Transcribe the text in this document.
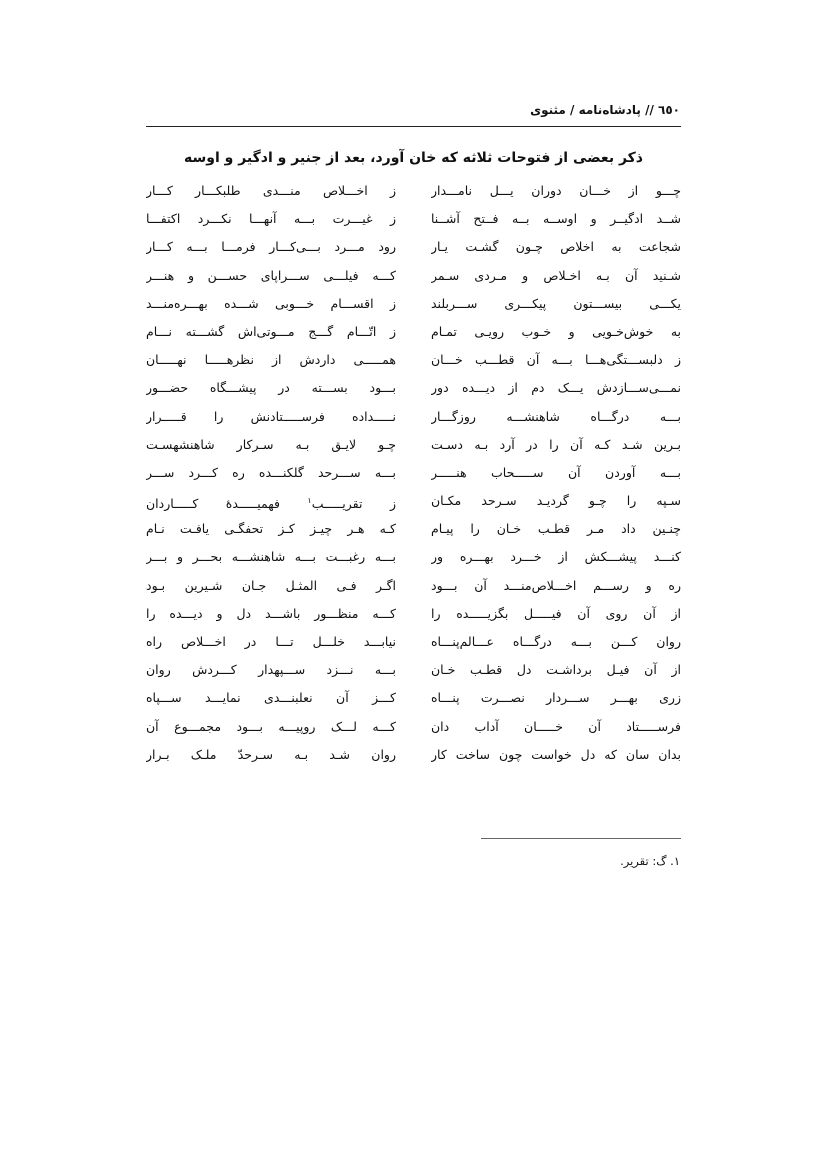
٦٥٠ // پادشاه‌نامه / مثنوی
ذکر بعضی از فتوحات ثلاثه که خان آورد، بعد از جنیر و ادگیر و اوسه
چـــو از خـــان دوران یـــل نامـــدار
ز اخـــلاص منـــدی طلبکـــار کـــار
شــد ادگیــر و اوســه بــه فــتح آشــنا
ز غیـــرت بـــه آنهـــا نکـــرد اکتفـــا
شجاعت به اخلاص چـون گشـت یـار
رود مـــرد بـــی‌کـــار فرمـــا بـــه کـــار
شـنید آن بـه اخـلاص و مـردی سـمر
کـــه فیلـــی ســـراپای حســـن و هنـــر
یکـــی بیســـتون پیکـــری ســـربلند
ز اقســـام خـــوبی شـــده بهـــره‌منـــد
به خوش‌خـویی و خـوب رویـی تمـام
ز اتّـــام گـــج مـــوتی‌اش گشـــته نـــام
ز دلبســـتگی‌هـــا بـــه آن قطـــب خـــان
همـــــی داردش از نظرهـــــا نهـــــان
نمـــی‌ســـازدش یـــک دم از دیـــده دور
بـــود بســـته در پیشـــگاه حضـــور
بـــه درگـــاه شاهنشـــه روزگـــار
نـــــداده فرســـــتادنش را قـــــرار
بـرین شـد کـه آن را در آرد بـه دسـت
چـو لایـق بـه سـرکار شاهنشهسـت
بـــه آوردن آن ســـــحاب هنـــــر
بـــه ســـرحد گلکنـــده ره کـــرد ســـر
سـپه را چـو گردیـد سـرحد مکـان
ز تقریـــــب$^١$ فهمیـــــدهٔ کـــــاردان
چنـین داد مـر قطـب خـان را پیـام
کـه هـر چیـز کـز تحفگـی یافـت نـام
کنـــد پیشـــکش از خـــرد بهـــره ور
بـــه رغبـــت بـــه شاهنشـــه بحـــر و بـــر
ره و رســـم اخـــلاص‌منـــد آن بـــود
اگـر فـی المثـل جـان شـیرین بـود
از آن روی آن فیـــــل بگزیـــــده را
کـــه منظـــور باشـــد دل و دیـــده را
روان کـــن بـــه درگـــاه عـــالم‌پنـــاه
نیابـــد خلـــل تـــا در اخـــلاص راه
از آن فیـل برداشـت دل قطـب خـان
بـــه نـــزد ســـپهدار کـــردش روان
زری بهـــر ســـردار نصـــرت پنـــاه
کـــز آن نعلبنـــدی نمایـــد ســـپاه
فرســـــتاد آن خـــــان آداب دان
کـــه لـــک روپیـــه بـــود مجمـــوع آن
بدان سان که دل خواست چون ساخت کار
روان شـد بـه سـرحدّ ملـک بـرار
١. گ: تقریر.
